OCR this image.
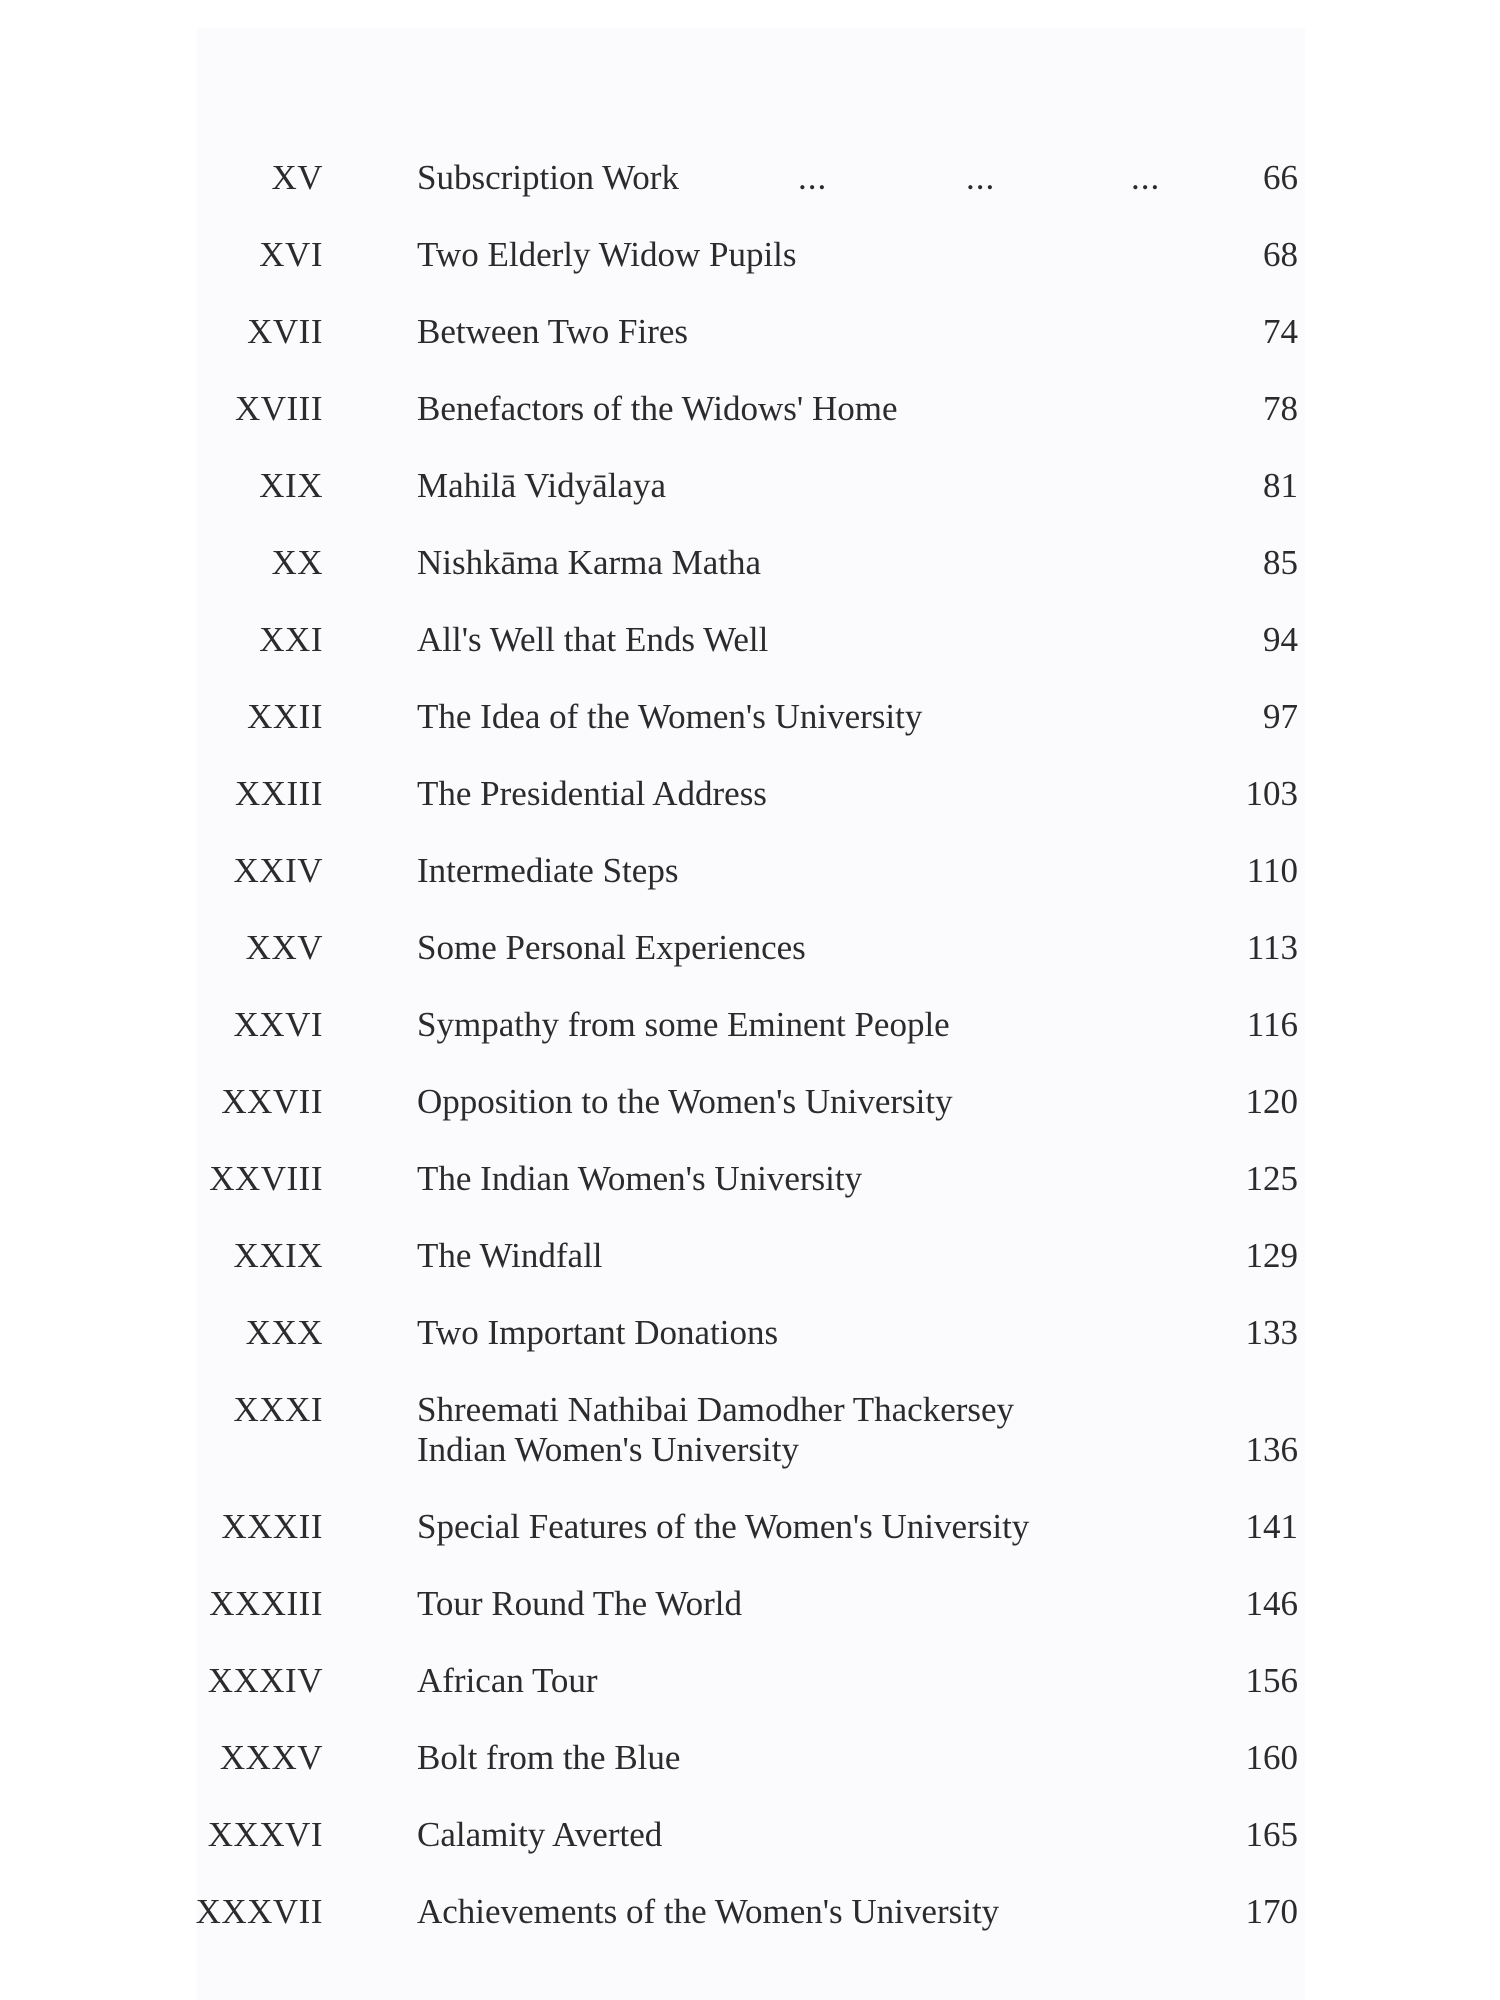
XV	Subscription Work	...	...	...	66
XVI	Two Elderly Widow Pupils	68
XVII	Between Two Fires	74
XVIII	Benefactors of the Widows' Home	78
XIX	Mahilā Vidyālaya	81
XX	Nishkāma Karma Matha	85
XXI	All's Well that Ends Well	94
XXII	The Idea of the Women's University	97
XXIII	The Presidential Address	103
XXIV	Intermediate Steps	110
XXV	Some Personal Experiences	113
XXVI	Sympathy from some Eminent People	116
XXVII	Opposition to the Women's University	120
XXVIII	The Indian Women's University	125
XXIX	The Windfall	129
XXX	Two Important Donations	133
XXXI	Shreemati Nathibai Damodher Thackersey
Indian Women's University	136
XXXII	Special Features of the Women's University	141
XXXIII	Tour Round The World	146
XXXIV	African Tour	156
XXXV	Bolt from the Blue	160
XXXVI	Calamity Averted	165
XXXVII	Achievements of the Women's University	170
